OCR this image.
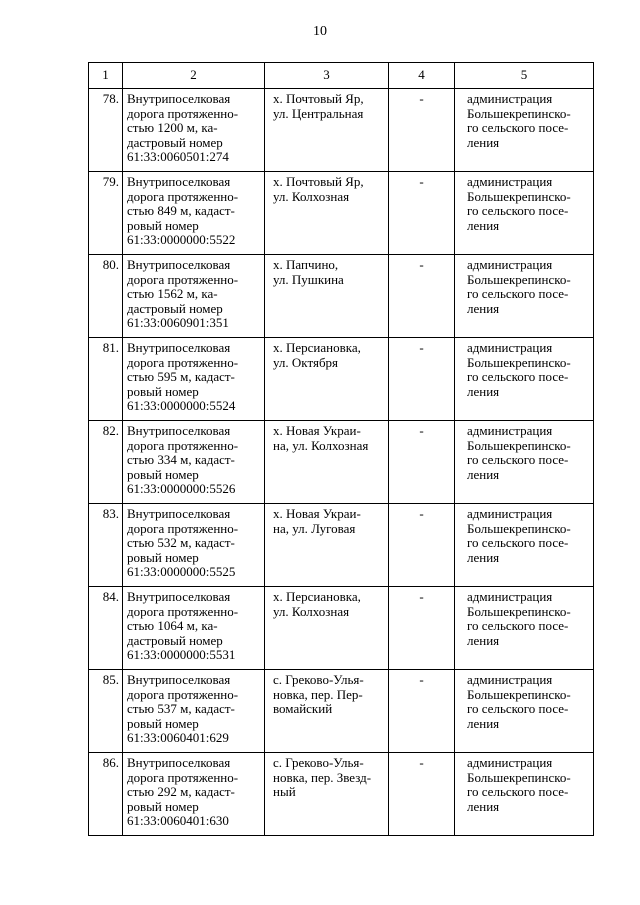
10
1	2	3	4	5
78.	Внутрипоселковая
дорога протяженно-
стью 1200 м, ка-
дастровый номер
61:33:0060501:274	х. Почтовый Яр,
ул. Центральная	-	администрация
Большекрепинско-
го сельского посе-
ления

79.	Внутрипоселковая
дорога протяженно-
стью 849 м, кадаст-
ровый номер
61:33:0000000:5522	х. Почтовый Яр,
ул. Колхозная	-	администрация
Большекрепинско-
го сельского посе-
ления

80.	Внутрипоселковая
дорога протяженно-
стью 1562 м, ка-
дастровый номер
61:33:0060901:351	х. Папчино,
ул. Пушкина	-	администрация
Большекрепинско-
го сельского посе-
ления

81.	Внутрипоселковая
дорога протяженно-
стью 595 м, кадаст-
ровый номер
61:33:0000000:5524	х. Персиановка,
ул. Октября	-	администрация
Большекрепинско-
го сельского посе-
ления

82.	Внутрипоселковая
дорога протяженно-
стью 334 м, кадаст-
ровый номер
61:33:0000000:5526	х. Новая Украи-
на, ул. Колхозная	-	администрация
Большекрепинско-
го сельского посе-
ления

83.	Внутрипоселковая
дорога протяженно-
стью 532 м, кадаст-
ровый номер
61:33:0000000:5525	х. Новая Украи-
на, ул. Луговая	-	администрация
Большекрепинско-
го сельского посе-
ления

84.	Внутрипоселковая
дорога протяженно-
стью 1064 м, ка-
дастровый номер
61:33:0000000:5531	х. Персиановка,
ул. Колхозная	-	администрация
Большекрепинско-
го сельского посе-
ления

85.	Внутрипоселковая
дорога протяженно-
стью 537 м, кадаст-
ровый номер
61:33:0060401:629	с. Греково-Улья-
новка, пер. Пер-
вомайский	-	администрация
Большекрепинско-
го сельского посе-
ления

86.	Внутрипоселковая
дорога протяженно-
стью 292 м, кадаст-
ровый номер
61:33:0060401:630	с. Греково-Улья-
новка, пер. Звезд-
ный	-	администрация
Большекрепинско-
го сельского посе-
ления
